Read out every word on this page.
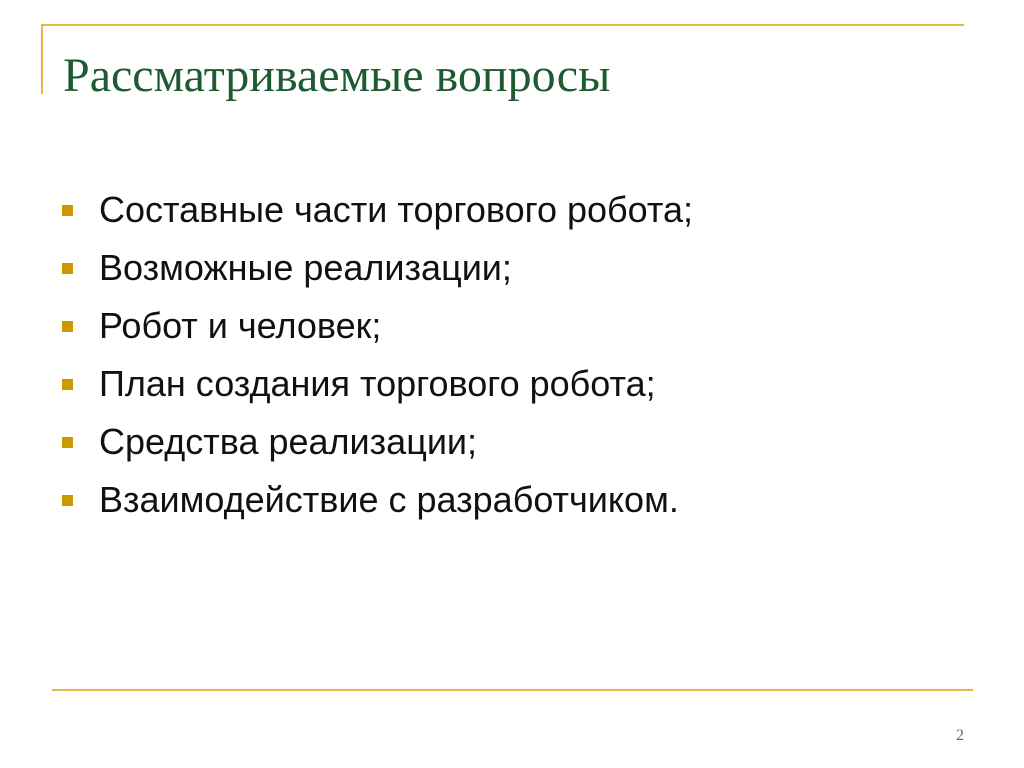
Рассматриваемые вопросы
Составные части торгового робота;
Возможные реализации;
Робот и человек;
План создания торгового робота;
Средства реализации;
Взаимодействие с разработчиком.
2
